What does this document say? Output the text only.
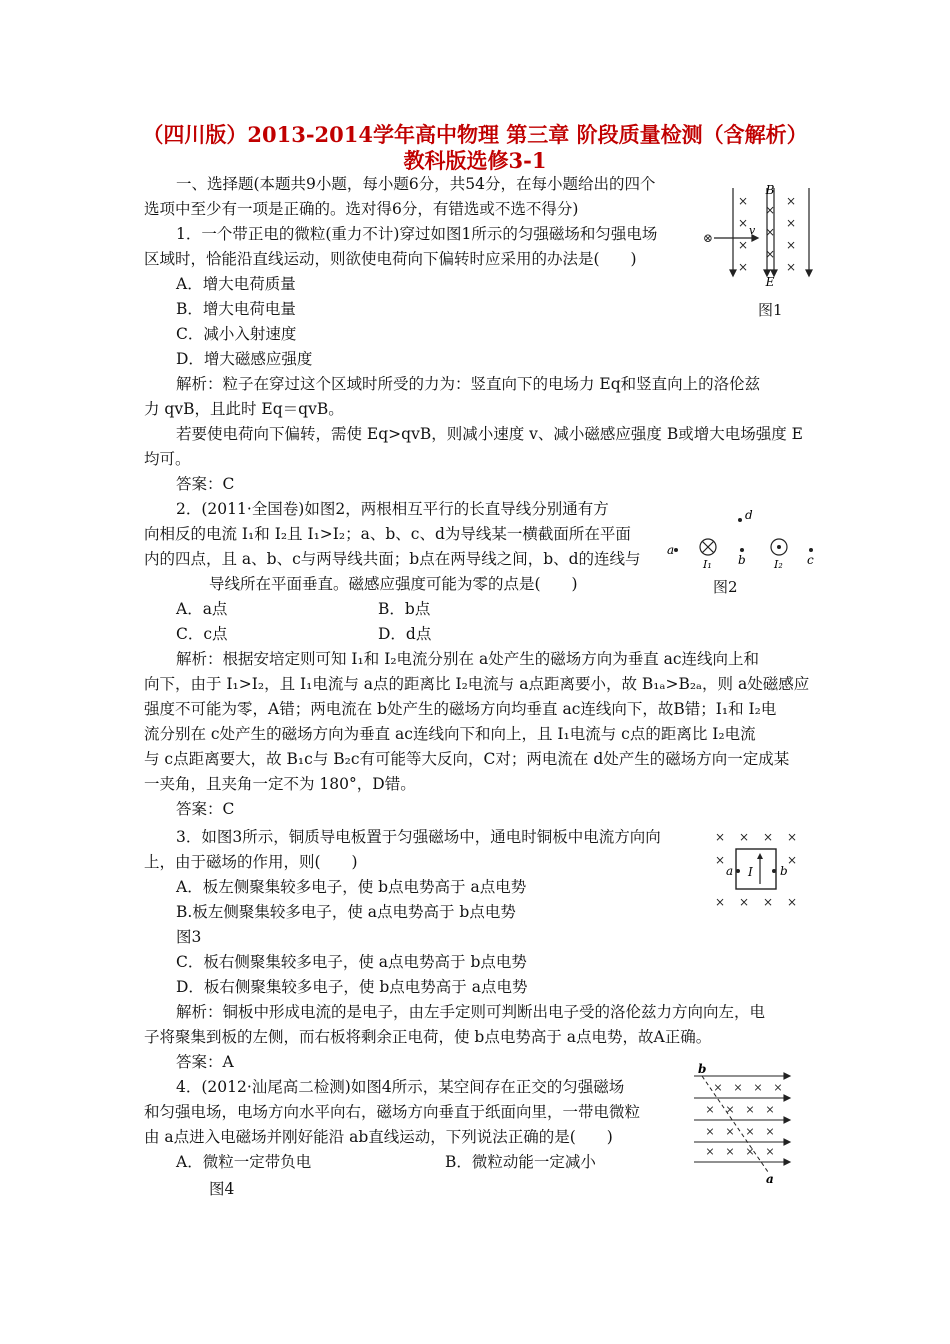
（四川版）2013-2014学年高中物理 第三章 阶段质量检测（含解析）
教科版选修3-1
一、选择题(本题共9小题，每小题6分，共54分，在每小题给出的四个
选项中至少有一项是正确的。选对得6分，有错选或不选不得分)
1．一个带正电的微粒(重力不计)穿过如图1所示的匀强磁场和匀强电场
区域时，恰能沿直线运动，则欲使电荷向下偏转时应采用的办法是(　　)
A．增大电荷质量
B．增大电荷电量
C．减小入射速度
D．增大磁感应强度
解析：粒子在穿过这个区域时所受的力为：竖直向下的电场力 Eq和竖直向上的洛伦兹
力 qvB，且此时 Eq＝qvB。
若要使电荷向下偏转，需使 Eq>qvB，则减小速度 v、减小磁感应强度 B或增大电场强度 E
均可。
答案：C
×
×
×
×
×
×
×
×
×
×
×
⊗
B
E
v
图1
2．(2011·全国卷)如图2，两根相互平行的长直导线分别通有方
向相反的电流 I₁和 I₂且 I₁>I₂；a、b、c、d为导线某一横截面所在平面
内的四点，且 a、b、c与两导线共面；b点在两导线之间，b、d的连线与
导线所在平面垂直。磁感应强度可能为零的点是(　　)
A．a点	B．b点
C．c点	D．d点
解析：根据安培定则可知 I₁和 I₂电流分别在 a处产生的磁场方向为垂直 ac连线向上和
向下，由于 I₁>I₂，且 I₁电流与 a点的距离比 I₂电流与 a点距离要小，故 B₁ₐ>B₂ₐ，则 a处磁感应
强度不可能为零，A错；两电流在 b处产生的磁场方向均垂直 ac连线向下，故B错；I₁和 I₂电
流分别在 c处产生的磁场方向为垂直 ac连线向下和向上，且 I₁电流与 c点的距离比 I₂电流
与 c点距离要大，故 B₁c与 B₂c有可能等大反向，C对；两电流在 d处产生的磁场方向一定成某
一夹角，且夹角一定不为 180°，D错。
答案：C
d
a
b	c
I₁	I₂
图2
3．如图3所示，铜质导电板置于匀强磁场中，通电时铜板中电流方向向
上，由于磁场的作用，则(　　)
A．板左侧聚集较多电子，使 b点电势高于 a点电势
B.板左侧聚集较多电子，使 a点电势高于 b点电势
图3
C．板右侧聚集较多电子，使 a点电势高于 b点电势
D．板右侧聚集较多电子，使 b点电势高于 a点电势
解析：铜板中形成电流的是电子，由左手定则可判断出电子受的洛伦兹力方向向左，电
子将聚集到板的左侧，而右板将剩余正电荷，使 b点电势高于 a点电势，故A正确。
答案：A
× × × ×
×	×
× × × ×
a	b
I
4．(2012·汕尾高二检测)如图4所示，某空间存在正交的匀强磁场
和匀强电场，电场方向水平向右，磁场方向垂直于纸面向里，一带电微粒
由 a点进入电磁场并刚好能沿 ab直线运动，下列说法正确的是(　　)
A．微粒一定带负电	B．微粒动能一定减小
图4
× × × ×
× × × ×
× × × ×
× × × ×
b
a
